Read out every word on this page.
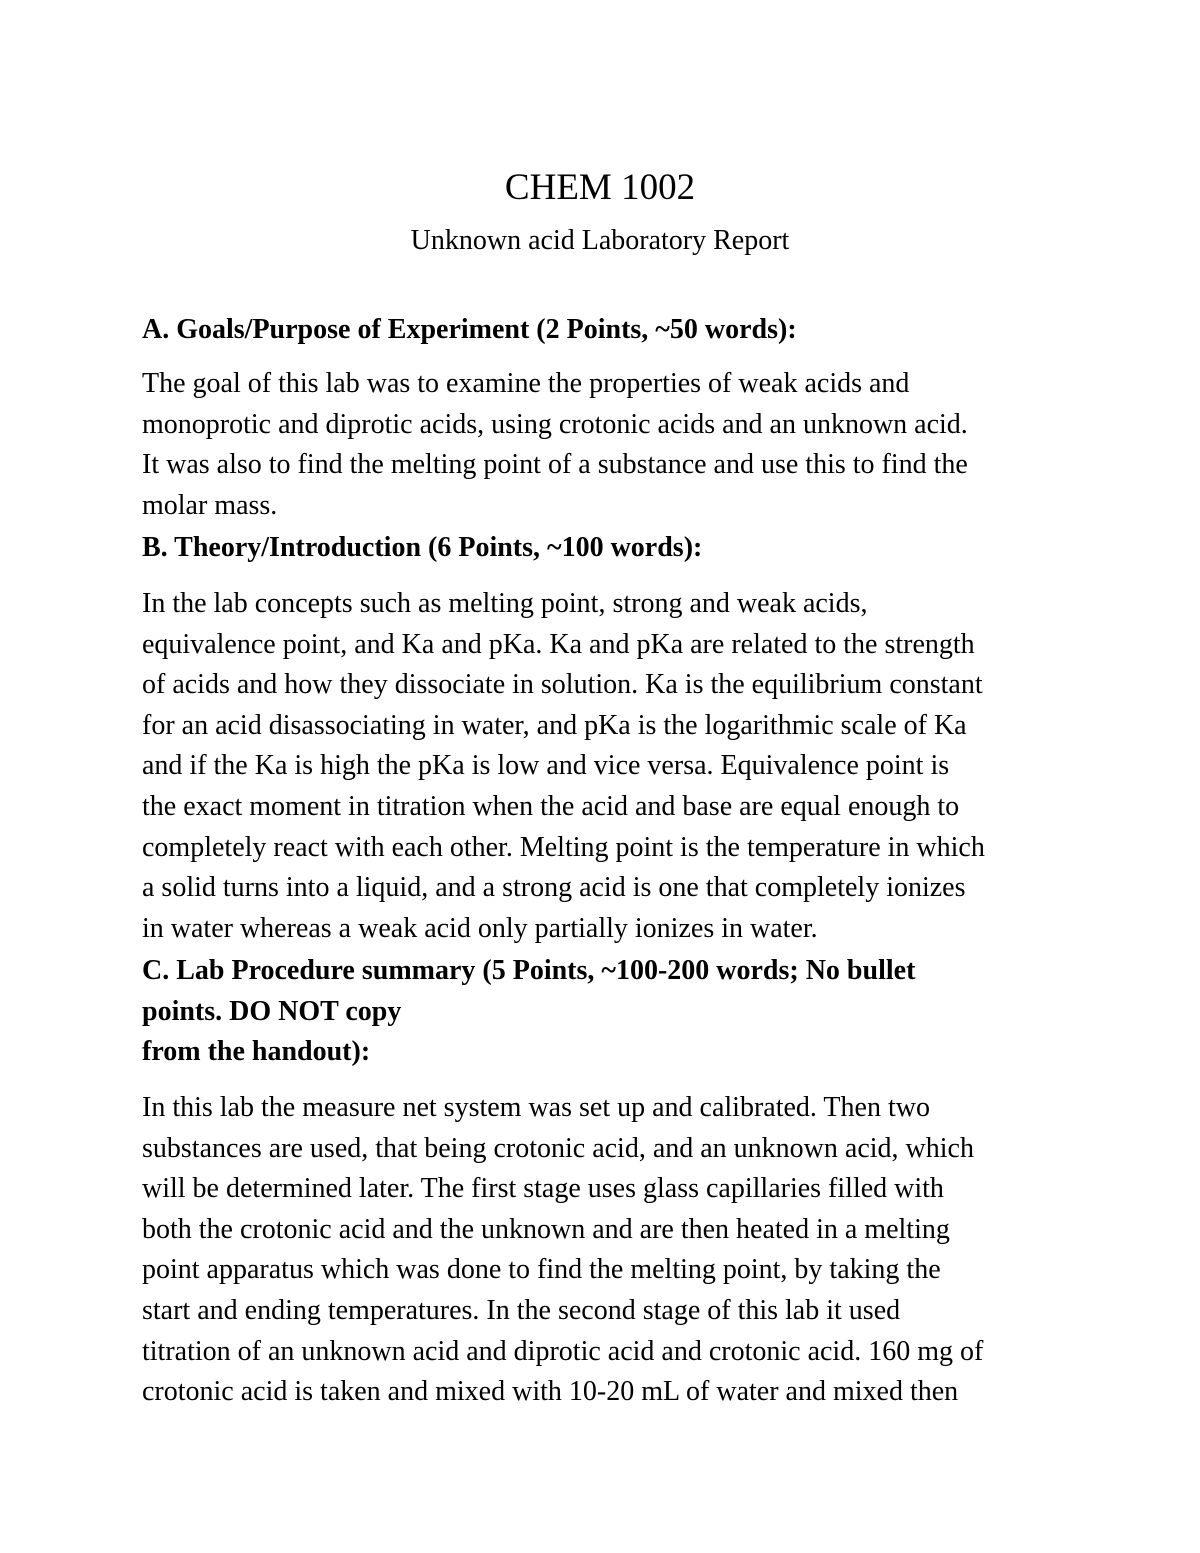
CHEM 1002

Unknown acid Laboratory Report

A. Goals/Purpose of Experiment (2 Points, ~50 words):

The goal of this lab was to examine the properties of weak acids and
monoprotic and diprotic acids, using crotonic acids and an unknown acid.
It was also to find the melting point of a substance and use this to find the
molar mass.

B. Theory/Introduction (6 Points, ~100 words):

In the lab concepts such as melting point, strong and weak acids,
equivalence point, and Ka and pKa. Ka and pKa are related to the strength
of acids and how they dissociate in solution. Ka is the equilibrium constant
for an acid disassociating in water, and pKa is the logarithmic scale of Ka
and if the Ka is high the pKa is low and vice versa. Equivalence point is
the exact moment in titration when the acid and base are equal enough to
completely react with each other. Melting point is the temperature in which
a solid turns into a liquid, and a strong acid is one that completely ionizes
in water whereas a weak acid only partially ionizes in water.
C. Lab Procedure summary (5 Points, ~100-200 words; No bullet
points. DO NOT copy
from the handout):
In this lab the measure net system was set up and calibrated. Then two
substances are used, that being crotonic acid, and an unknown acid, which
will be determined later. The first stage uses glass capillaries filled with
both the crotonic acid and the unknown and are then heated in a melting
point apparatus which was done to find the melting point, by taking the
start and ending temperatures. In the second stage of this lab it used
titration of an unknown acid and diprotic acid and crotonic acid. 160 mg of
crotonic acid is taken and mixed with 10-20 mL of water and mixed then
